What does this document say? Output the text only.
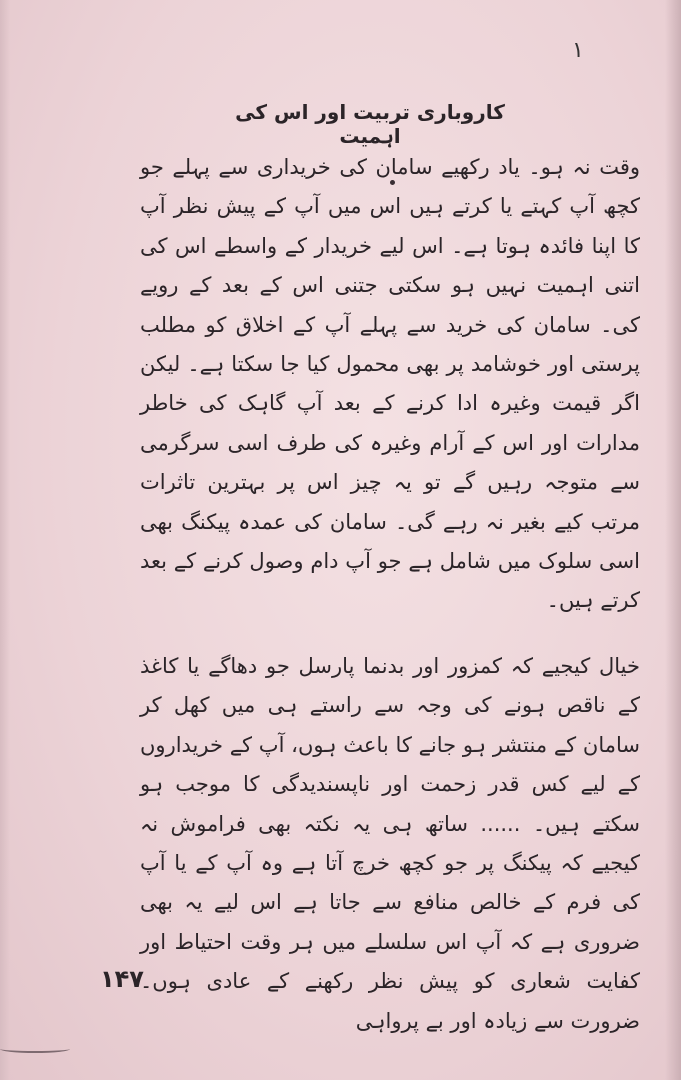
۱
کاروباری تربیت اور اس کی اہمیت

وقت نہ ہو۔ یاد رکھیے سامان کی خریداری سے پہلے جو کچھ آپ کہتے یا کرتے ہیں اس میں آپ کے پیش نظر آپ کا اپنا فائدہ ہوتا ہے۔ اس لیے خریدار کے واسطے اس کی اتنی اہمیت نہیں ہو سکتی جتنی اس کے بعد کے رویے کی۔ سامان کی خرید سے پہلے آپ کے اخلاق کو مطلب پرستی اور خوشامد پر بھی محمول کیا جا سکتا ہے۔ لیکن اگر قیمت وغیرہ ادا کرنے کے بعد آپ گاہک کی خاطر مدارات اور اس کے آرام وغیرہ کی طرف اسی سرگرمی سے متوجہ رہیں گے تو یہ چیز اس پر بہترین تاثرات مرتب کیے بغیر نہ رہے گی۔ سامان کی عمدہ پیکنگ بھی اسی سلوک میں شامل ہے جو آپ دام وصول کرنے کے بعد کرتے ہیں۔

خیال کیجیے کہ کمزور اور بدنما پارسل جو دھاگے یا کاغذ کے ناقص ہونے کی وجہ سے راستے ہی میں کھل کر سامان کے منتشر ہو جانے کا باعث ہوں، آپ کے خریداروں کے لیے کس قدر زحمت اور ناپسندیدگی کا موجب ہو سکتے ہیں۔ ...... ساتھ ہی یہ نکتہ بھی فراموش نہ کیجیے کہ پیکنگ پر جو کچھ خرچ آتا ہے وہ آپ کے یا آپ کی فرم کے خالص منافع سے جاتا ہے اس لیے یہ بھی ضروری ہے کہ آپ اس سلسلے میں ہر وقت احتیاط اور کفایت شعاری کو پیش نظر رکھنے کے عادی ہوں۔ ضرورت سے زیادہ اور بے پرواہی

۱۴۷
